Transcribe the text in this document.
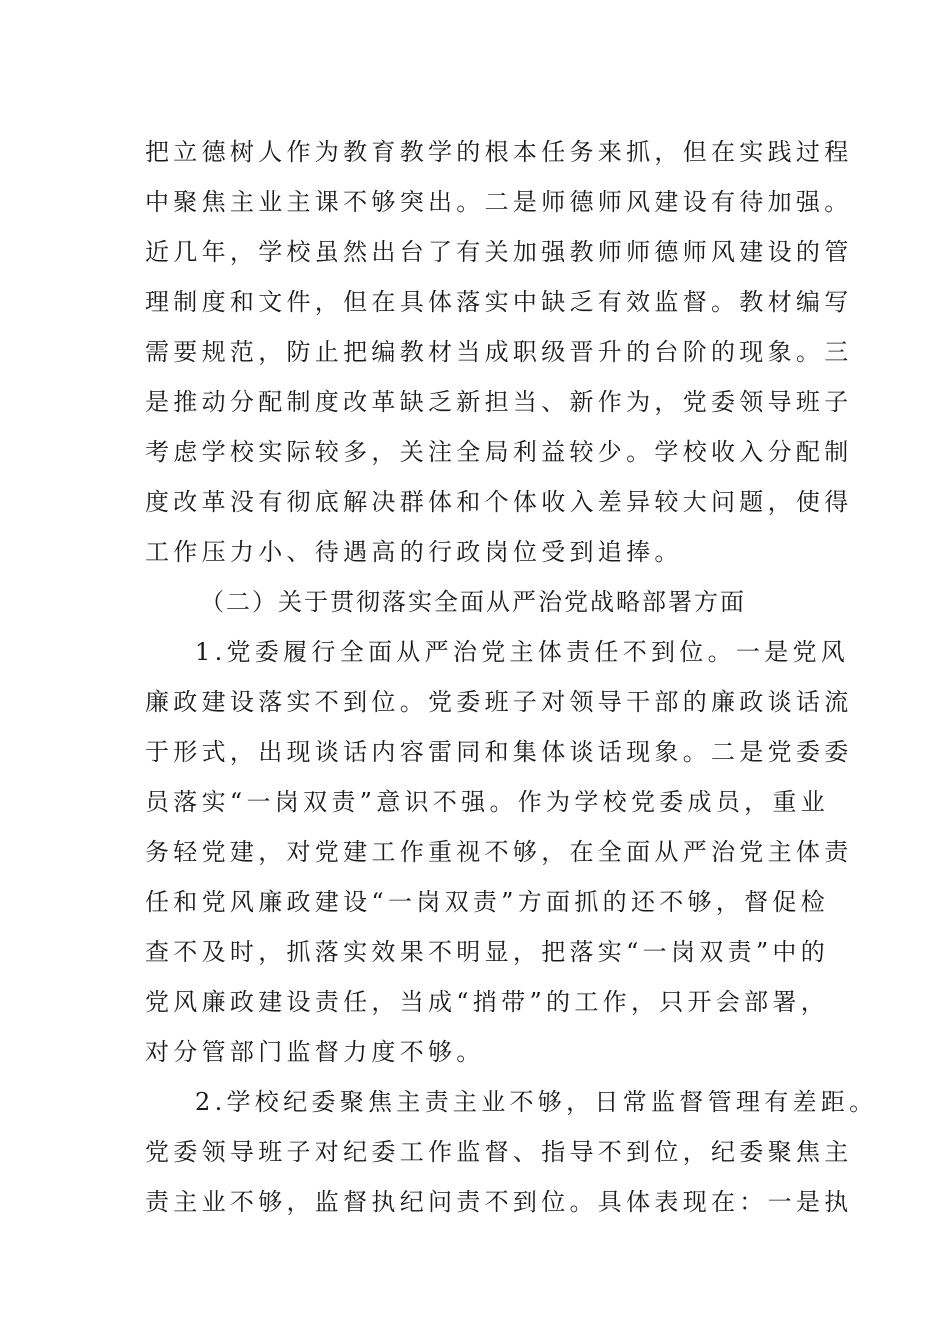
把立德树人作为教育教学的根本任务来抓，但在实践过程
中聚焦主业主课不够突出。二是师德师风建设有待加强。
近几年，学校虽然出台了有关加强教师师德师风建设的管
理制度和文件，但在具体落实中缺乏有效监督。教材编写
需要规范，防止把编教材当成职级晋升的台阶的现象。三
是推动分配制度改革缺乏新担当、新作为，党委领导班子
考虑学校实际较多，关注全局利益较少。学校收入分配制
度改革没有彻底解决群体和个体收入差异较大问题，使得
工作压力小、待遇高的行政岗位受到追捧。
（二）关于贯彻落实全面从严治党战略部署方面
1.党委履行全面从严治党主体责任不到位。一是党风
廉政建设落实不到位。党委班子对领导干部的廉政谈话流
于形式，出现谈话内容雷同和集体谈话现象。二是党委委
员落实“一岗双责”意识不强。作为学校党委成员，重业
务轻党建，对党建工作重视不够，在全面从严治党主体责
任和党风廉政建设“一岗双责”方面抓的还不够，督促检
查不及时，抓落实效果不明显，把落实“一岗双责”中的
党风廉政建设责任，当成“捎带”的工作，只开会部署，
对分管部门监督力度不够。
2.学校纪委聚焦主责主业不够，日常监督管理有差距。
党委领导班子对纪委工作监督、指导不到位，纪委聚焦主
责主业不够，监督执纪问责不到位。具体表现在：一是执
